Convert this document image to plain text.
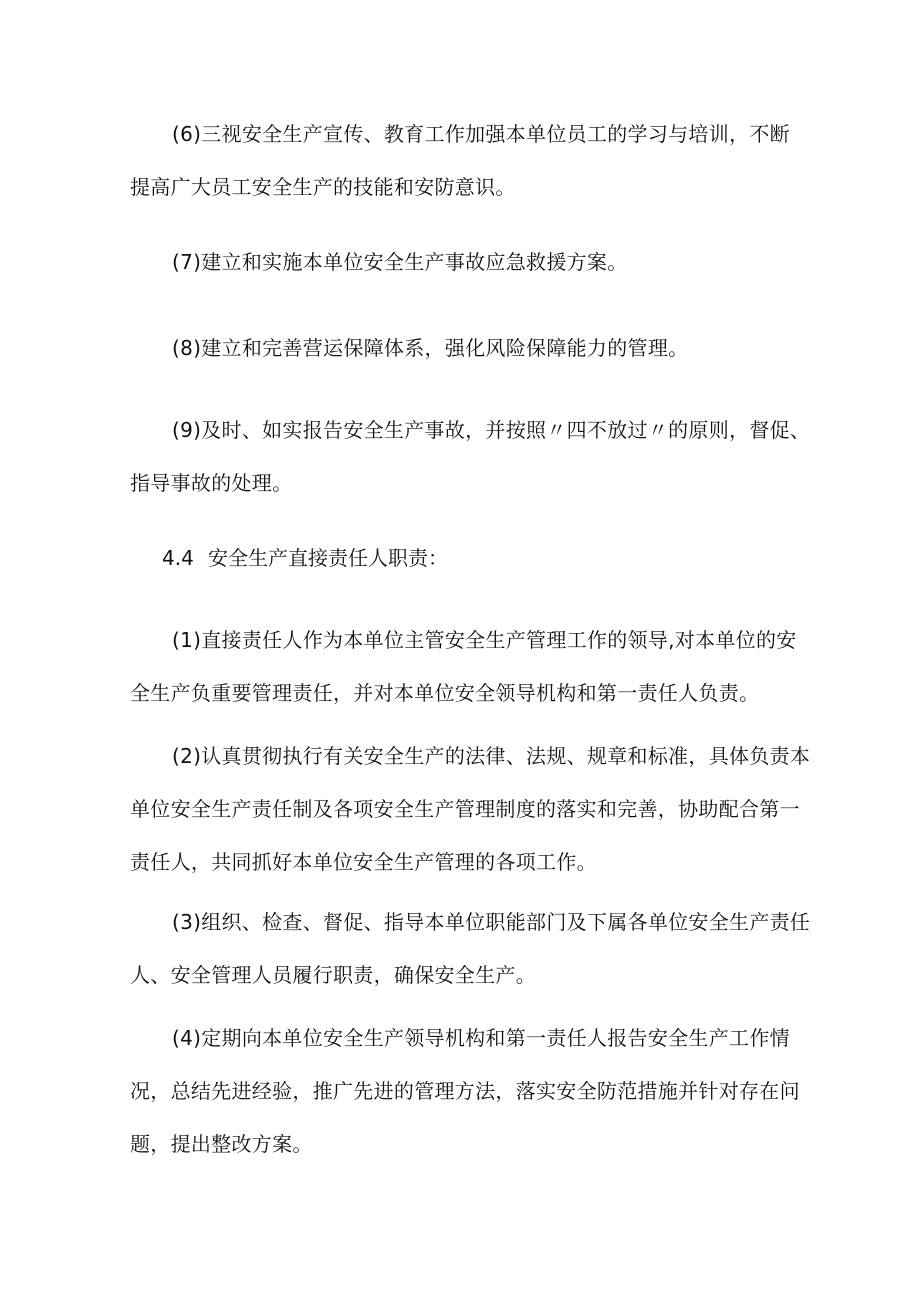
(6)三视安全生产宣传、教育工作加强本单位员工的学习与培训，不断
提高广大员工安全生产的技能和安防意识。

(7)建立和实施本单位安全生产事故应急救援方案。

(8)建立和完善营运保障体系，强化风险保障能力的管理。

(9)及时、如实报告安全生产事故，并按照〃四不放过〃的原则，督促、
指导事故的处理。

4.4 安全生产直接责任人职责：

(1)直接责任人作为本单位主管安全生产管理工作的领导,对本单位的安
全生产负重要管理责任，并对本单位安全领导机构和第一责任人负责。

(2)认真贯彻执行有关安全生产的法律、法规、规章和标准，具体负责本
单位安全生产责任制及各项安全生产管理制度的落实和完善，协助配合第一
责任人，共同抓好本单位安全生产管理的各项工作。

(3)组织、检查、督促、指导本单位职能部门及下属各单位安全生产责任
人、安全管理人员履行职责，确保安全生产。

(4)定期向本单位安全生产领导机构和第一责任人报告安全生产工作情
况，总结先进经验，推广先进的管理方法，落实安全防范措施并针对存在问
题，提出整改方案。
